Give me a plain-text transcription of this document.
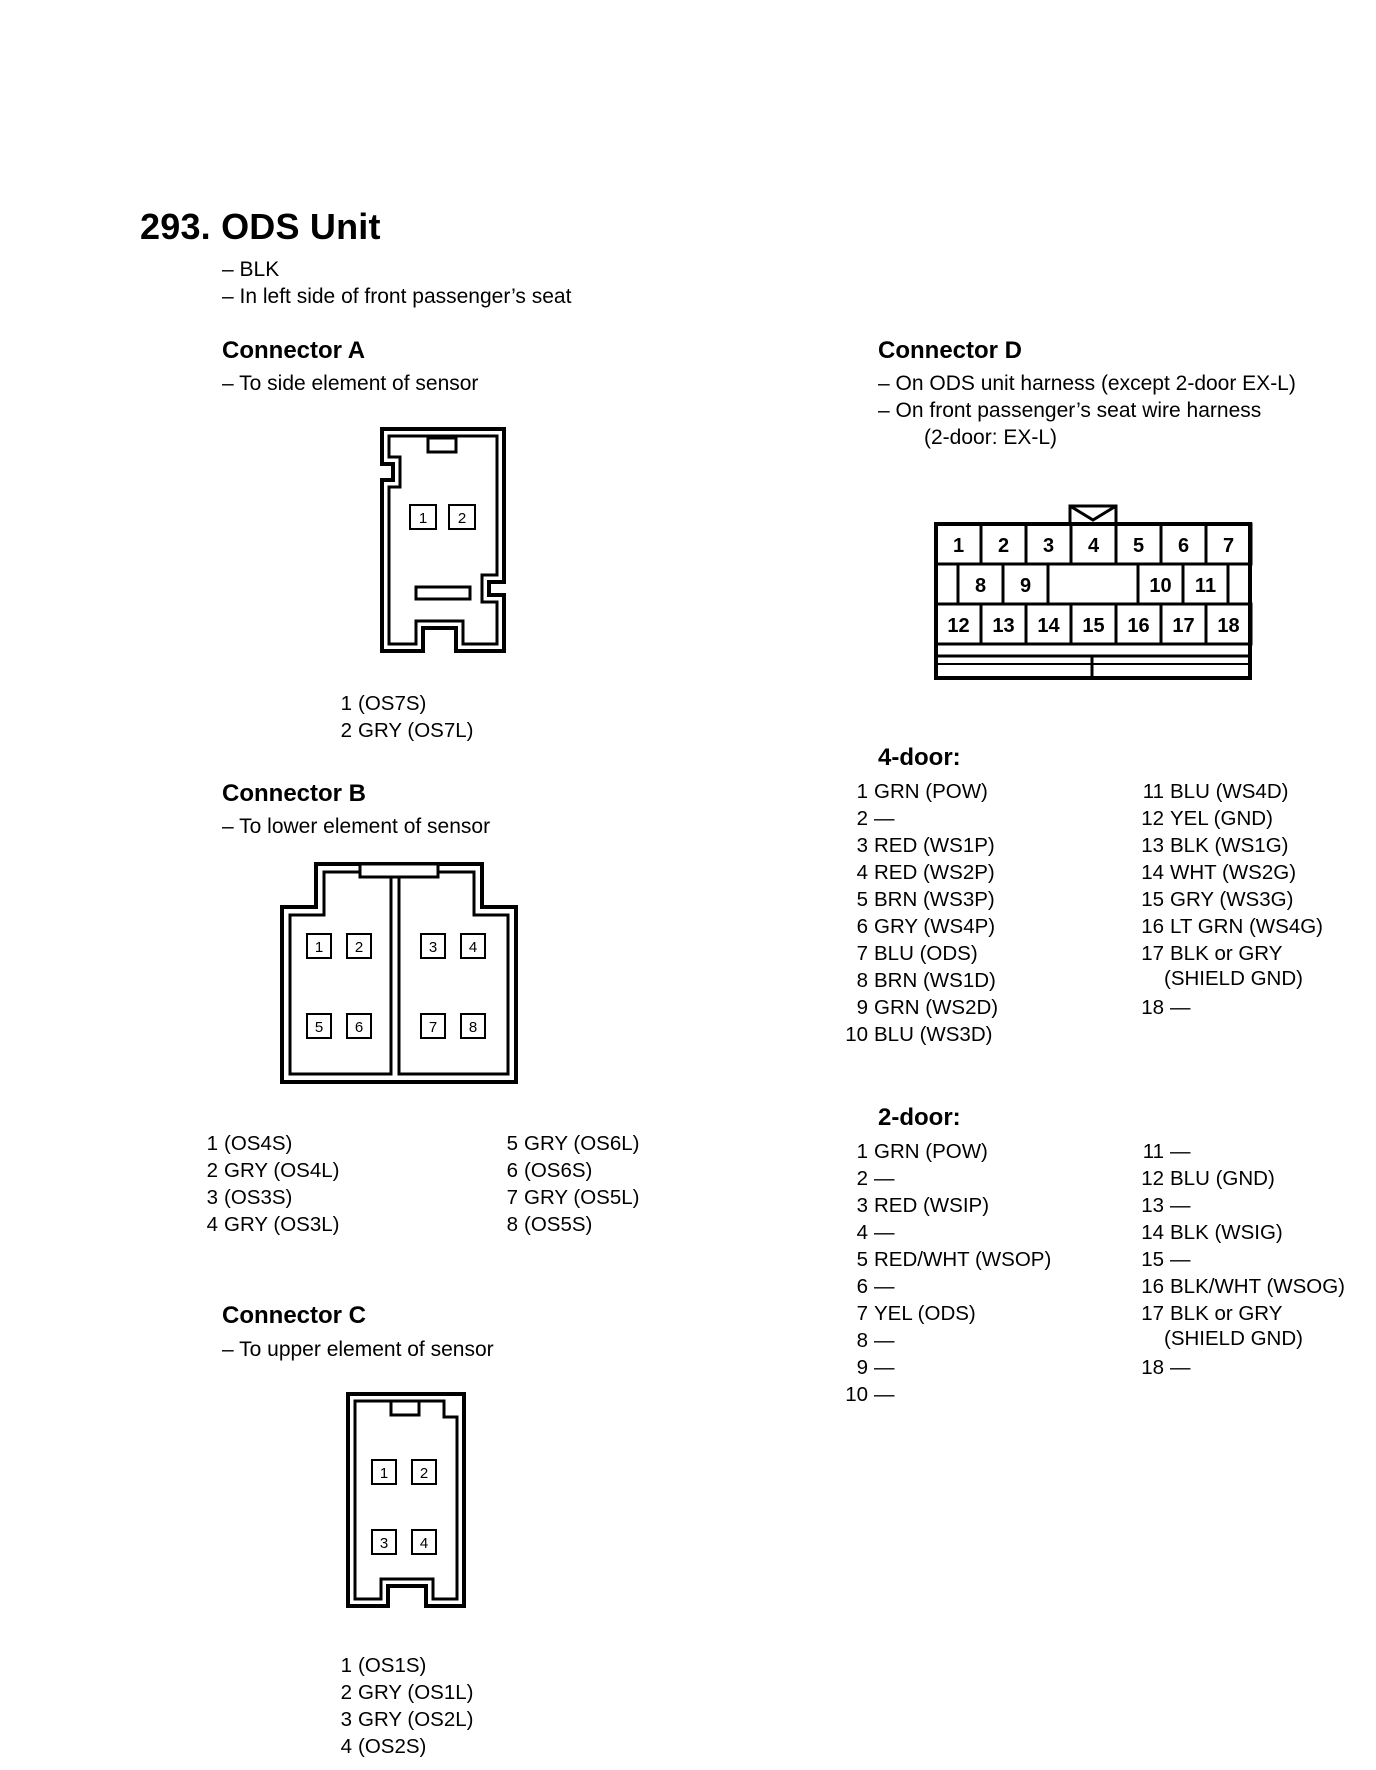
293. ODS Unit
– BLK
– In left side of front passenger’s seat
Connector A
– To side element of sensor
1 2
1 (OS7S)
2 GRY (OS7L)
Connector B
– To lower element of sensor
1 2	3 4
5 6	7 8
1 (OS4S)
2 GRY (OS4L)
3 (OS3S)
4 GRY (OS3L)
5 GRY (OS6L)
6 (OS6S)
7 GRY (OS5L)
8 (OS5S)
Connector C
– To upper element of sensor
1 2
3 4
1 (OS1S)
2 GRY (OS1L)
3 GRY (OS2L)
4 (OS2S)
Connector D
– On ODS unit harness (except 2-door EX-L)
– On front passenger’s seat wire harness
(2-door: EX-L)
1 2 3 4 5 6 7
8 9	10 11
12 13 14 15 16 17 18
4-door:
1 GRN (POW)
2 —
3 RED (WS1P)
4 RED (WS2P)
5 BRN (WS3P)
6 GRY (WS4P)
7 BLU (ODS)
8 BRN (WS1D)
9 GRN (WS2D)
10 BLU (WS3D)
11 BLU (WS4D)
12 YEL (GND)
13 BLK (WS1G)
14 WHT (WS2G)
15 GRY (WS3G)
16 LT GRN (WS4G)
17 BLK or GRY
(SHIELD GND)
18 —
2-door:
1 GRN (POW)
2 —
3 RED (WSIP)
4 —
5 RED/WHT (WSOP)
6 —
7 YEL (ODS)
8 —
9 —
10 —
11 —
12 BLU (GND)
13 —
14 BLK (WSIG)
15 —
16 BLK/WHT (WSOG)
17 BLK or GRY
(SHIELD GND)
18 —
